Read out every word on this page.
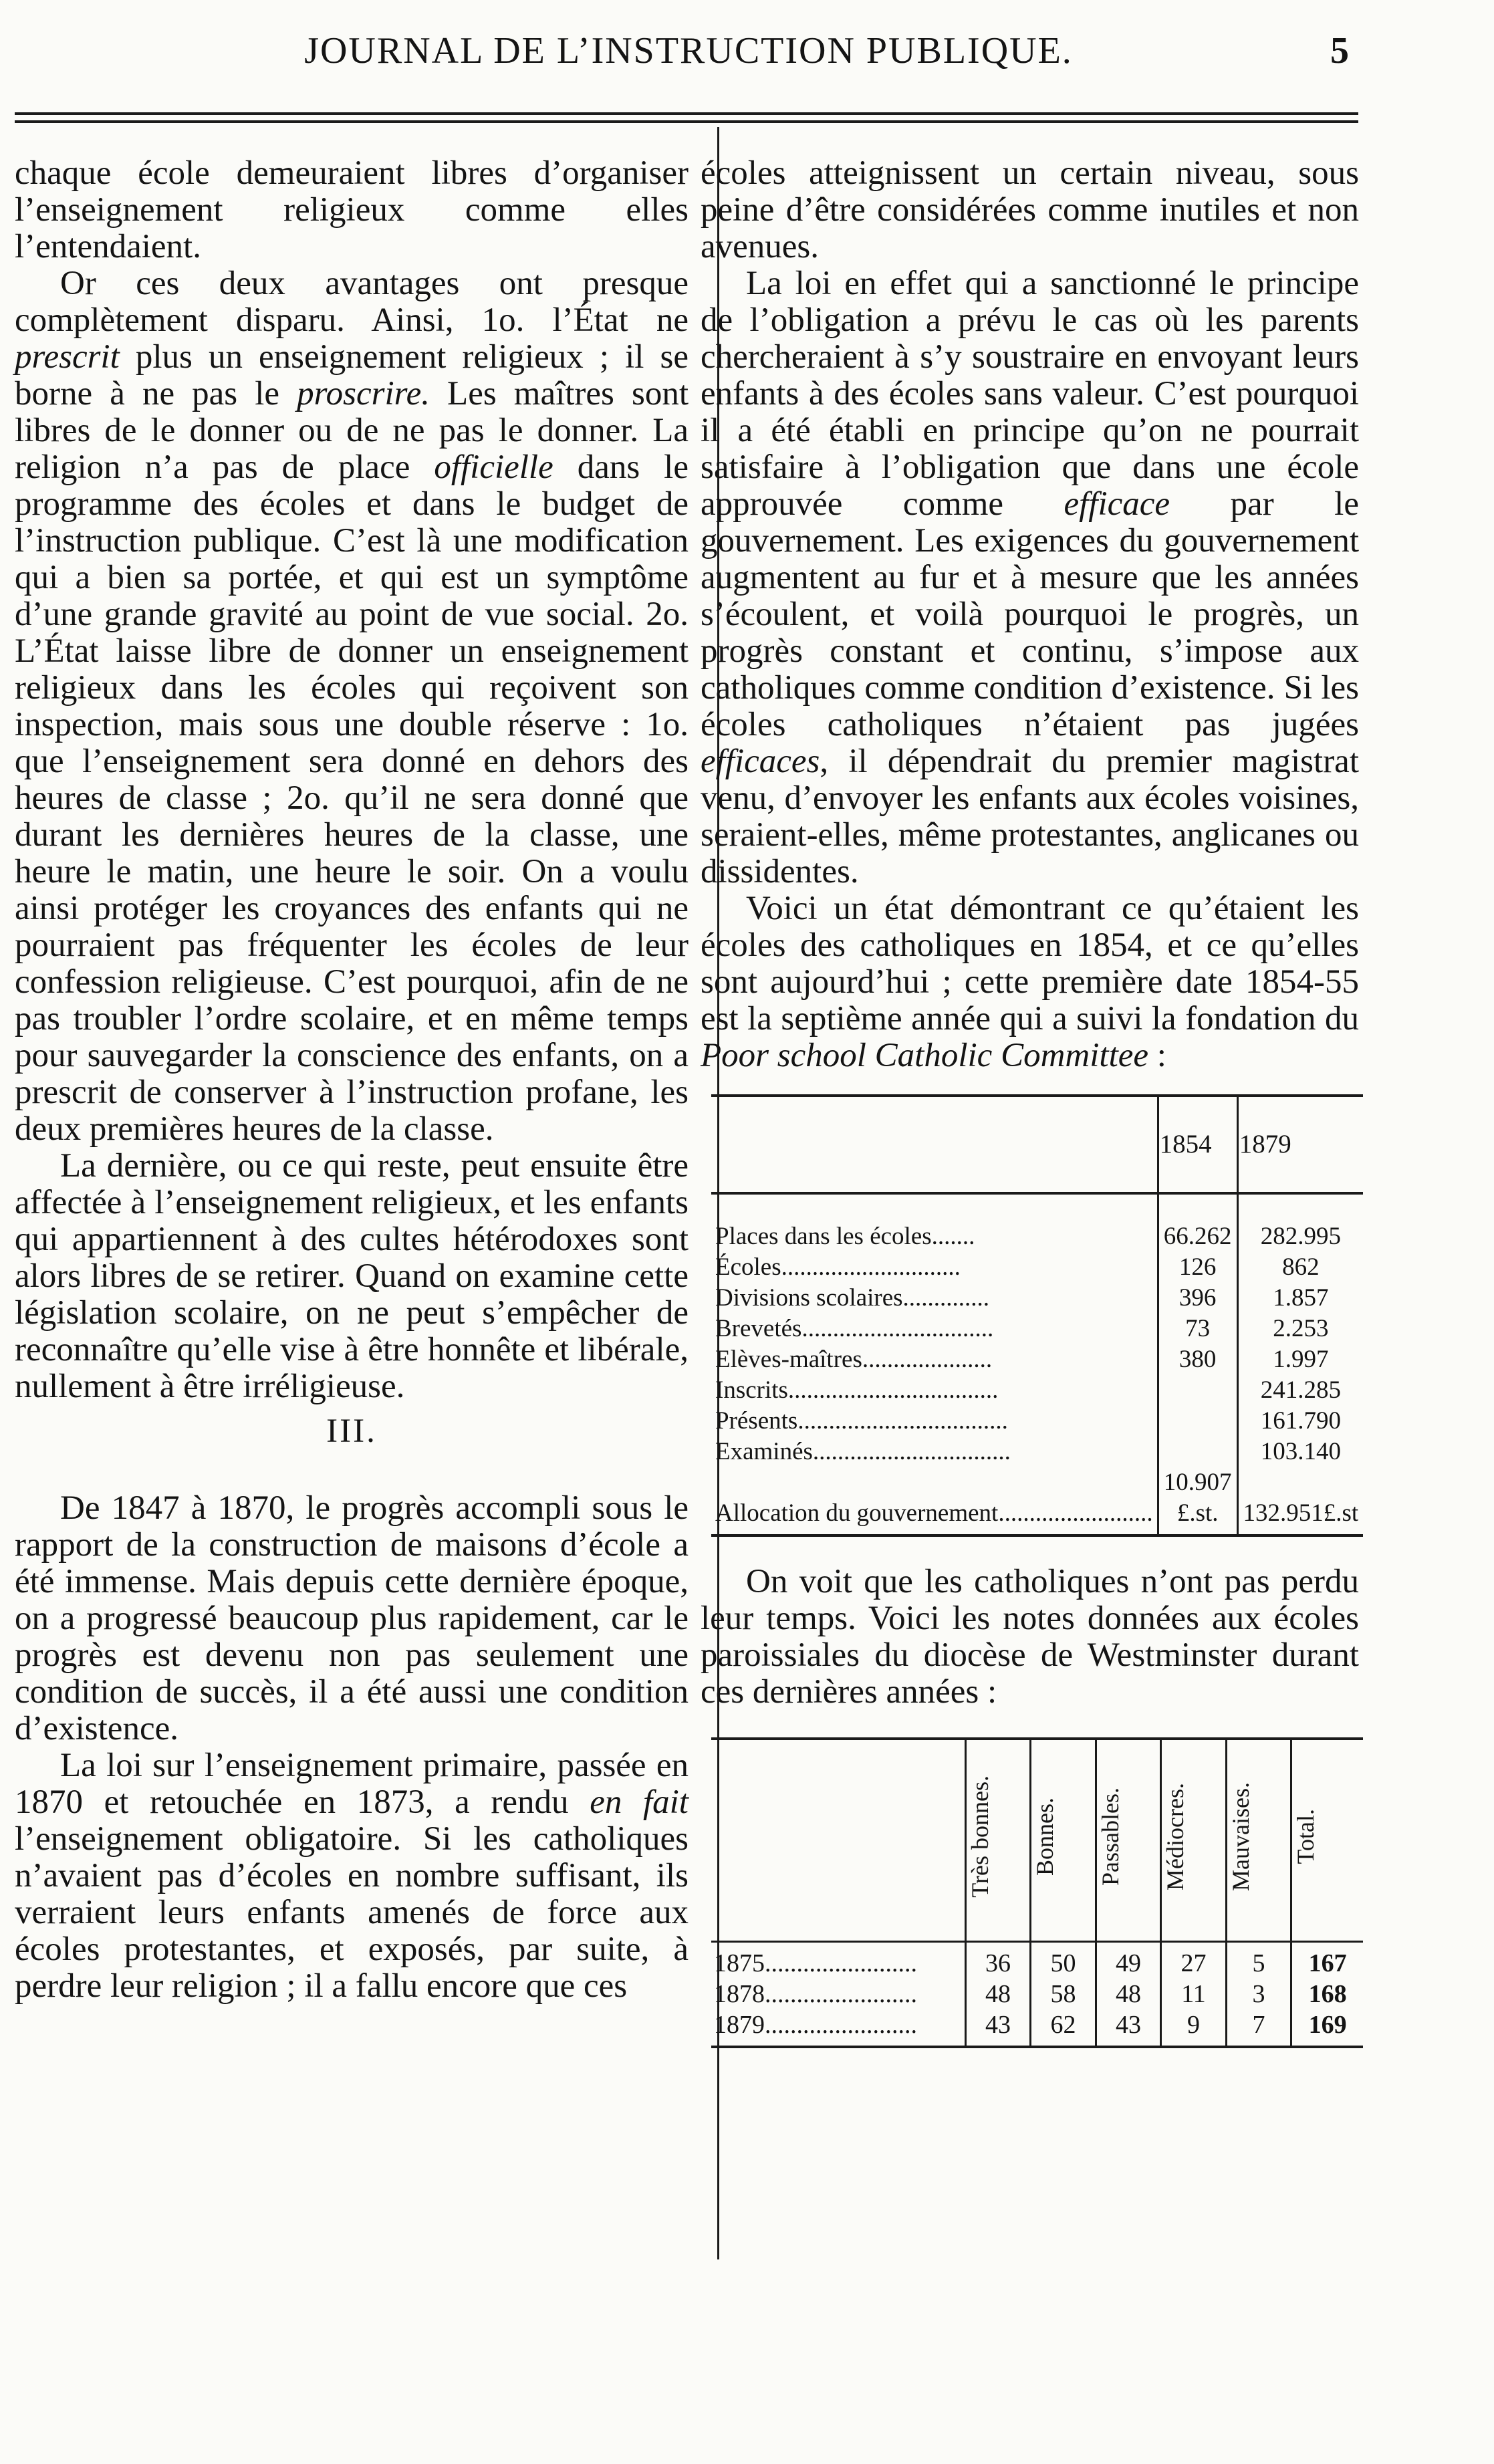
JOURNAL DE L’INSTRUCTION PUBLIQUE.	5

chaque école demeuraient libres d’organiser l’enseignement religieux comme elles l’entendaient.

Or ces deux avantages ont presque complètement disparu. Ainsi, 1o. l’État ne prescrit plus un enseignement religieux ; il se borne à ne pas le proscrire. Les maîtres sont libres de le donner ou de ne pas le donner. La religion n’a pas de place officielle dans le programme des écoles et dans le budget de l’instruction publique. C’est là une modification qui a bien sa portée, et qui est un symptôme d’une grande gravité au point de vue social. 2o. L’État laisse libre de donner un enseignement religieux dans les écoles qui reçoivent son inspection, mais sous une double réserve : 1o. que l’enseignement sera donné en dehors des heures de classe ; 2o. qu’il ne sera donné que durant les dernières heures de la classe, une heure le matin, une heure le soir. On a voulu ainsi protéger les croyances des enfants qui ne pourraient pas fréquenter les écoles de leur confession religieuse. C’est pourquoi, afin de ne pas troubler l’ordre scolaire, et en même temps pour sauvegarder la conscience des enfants, on a prescrit de conserver à l’instruction profane, les deux premières heures de la classe.

La dernière, ou ce qui reste, peut ensuite être affectée à l’enseignement religieux, et les enfants qui appartiennent à des cultes hétérodoxes sont alors libres de se retirer. Quand on examine cette législation scolaire, on ne peut s’empêcher de reconnaître qu’elle vise à être honnête et libérale, nullement à être irréligieuse.

III.

De 1847 à 1870, le progrès accompli sous le rapport de la construction de maisons d’école a été immense. Mais depuis cette dernière époque, on a progressé beaucoup plus rapidement, car le progrès est devenu non pas seulement une condition de succès, il a été aussi une condition d’existence.

La loi sur l’enseignement primaire, passée en 1870 et retouchée en 1873, a rendu en fait l’enseignement obligatoire. Si les catholiques n’avaient pas d’écoles en nombre suffisant, ils verraient leurs enfants amenés de force aux écoles protestantes, et exposés, par suite, à perdre leur religion ; il a fallu encore que ces

écoles atteignissent un certain niveau, sous peine d’être considérées comme inutiles et non avenues.

La loi en effet qui a sanctionné le principe de l’obligation a prévu le cas où les parents chercheraient à s’y soustraire en envoyant leurs enfants à des écoles sans valeur. C’est pourquoi il a été établi en principe qu’on ne pourrait satisfaire à l’obligation que dans une école approuvée comme efficace par le gouvernement. Les exigences du gouvernement augmentent au fur et à mesure que les années s’écoulent, et voilà pourquoi le progrès, un progrès constant et continu, s’impose aux catholiques comme condition d’existence. Si les écoles catholiques n’étaient pas jugées efficaces, il dépendrait du premier magistrat venu, d’envoyer les enfants aux écoles voisines, seraient-elles, même protestantes, anglicanes ou dissidentes.

Voici un état démontrant ce qu’étaient les écoles des catholiques en 1854, et ce qu’elles sont aujourd’hui ; cette première date 1854-55 est la septième année qui a suivi la fondation du Poor school Catholic Committee :

	1854	1879
Places dans les écoles.......	66.262	282.995
Écoles.............................	126	862
Divisions scolaires..............	396	1.857
Brevetés...............................	73	2.253
Elèves-maîtres.....................	380	1.997
Inscrits..................................		241.285
Présents..................................		161.790
Examinés................................		103.140
Allocation du gouvernement.........................	10.907 £.st.	132.951£.st

On voit que les catholiques n’ont pas perdu leur temps. Voici les notes données aux écoles paroissiales du diocèse de Westminster durant ces dernières années :

	Très bonnes.	Bonnes.	Passables.	Médiocres.	Mauvaises.	Total.
1875........................	36	50	49	27	5	167
1878........................	48	58	48	11	3	168
1879........................	43	62	43	9	7	169
